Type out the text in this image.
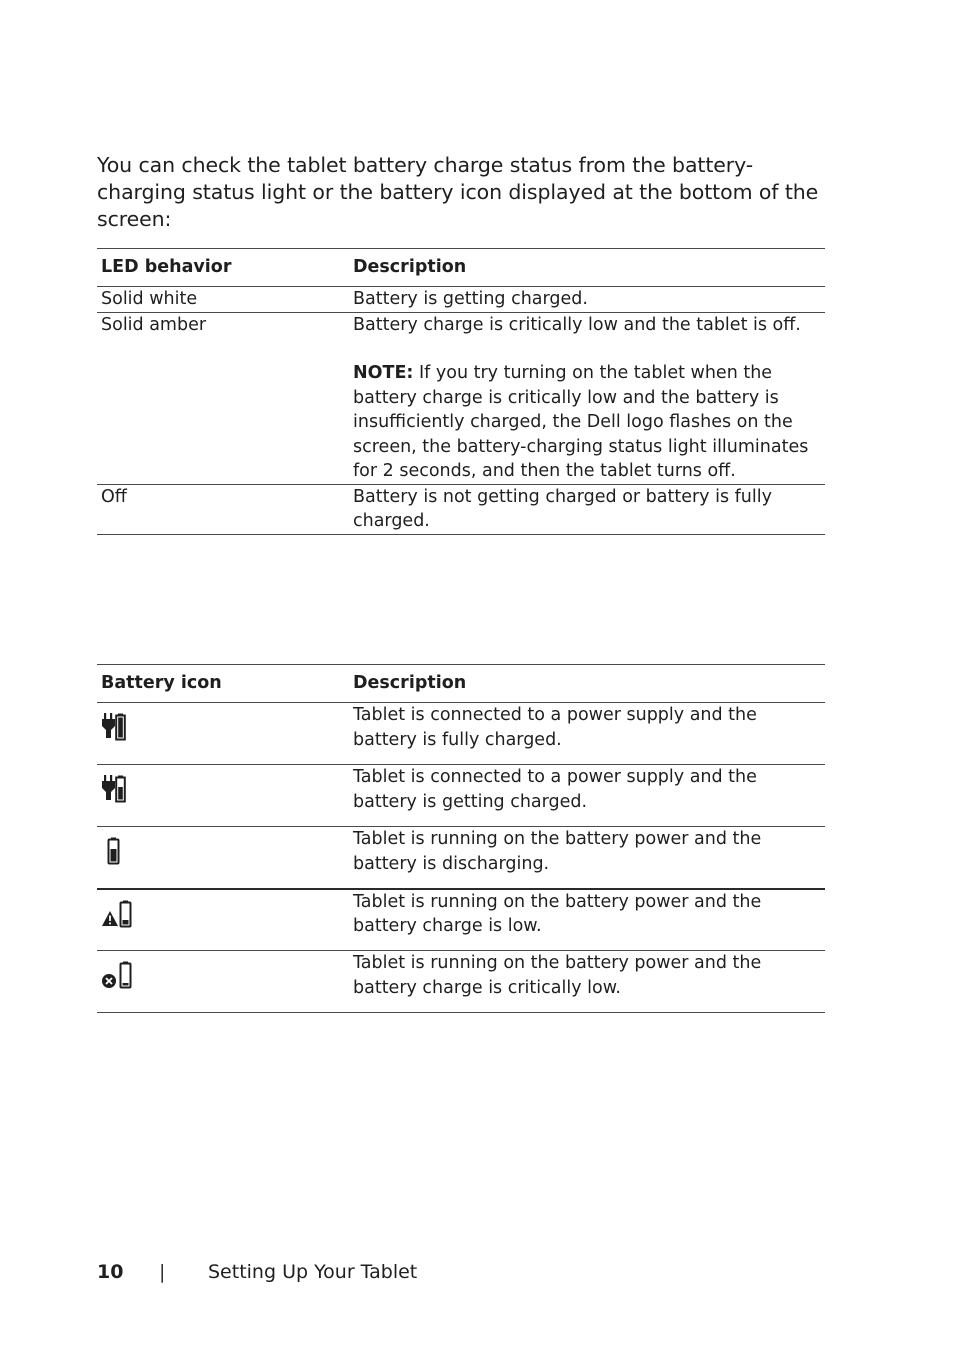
You can check the tablet battery charge status from the battery-charging status light or the battery icon displayed at the bottom of the screen:

LED behavior	Description
Solid white	Battery is getting charged.
Solid amber	Battery charge is critically low and the tablet is off.
NOTE: If you try turning on the tablet when the battery charge is critically low and the battery is insufficiently charged, the Dell logo flashes on the screen, the battery-charging status light illuminates for 2 seconds, and then the tablet turns off.
Off	Battery is not getting charged or battery is fully charged.
Battery icon	Description

	Tablet is connected to a power supply and the battery is fully charged.

	Tablet is connected to a power supply and the battery is getting charged.

	Tablet is running on the battery power and the battery is discharging.

	Tablet is running on the battery power and the battery charge is low.

	Tablet is running on the battery power and the battery charge is critically low.
10 | Setting Up Your Tablet
